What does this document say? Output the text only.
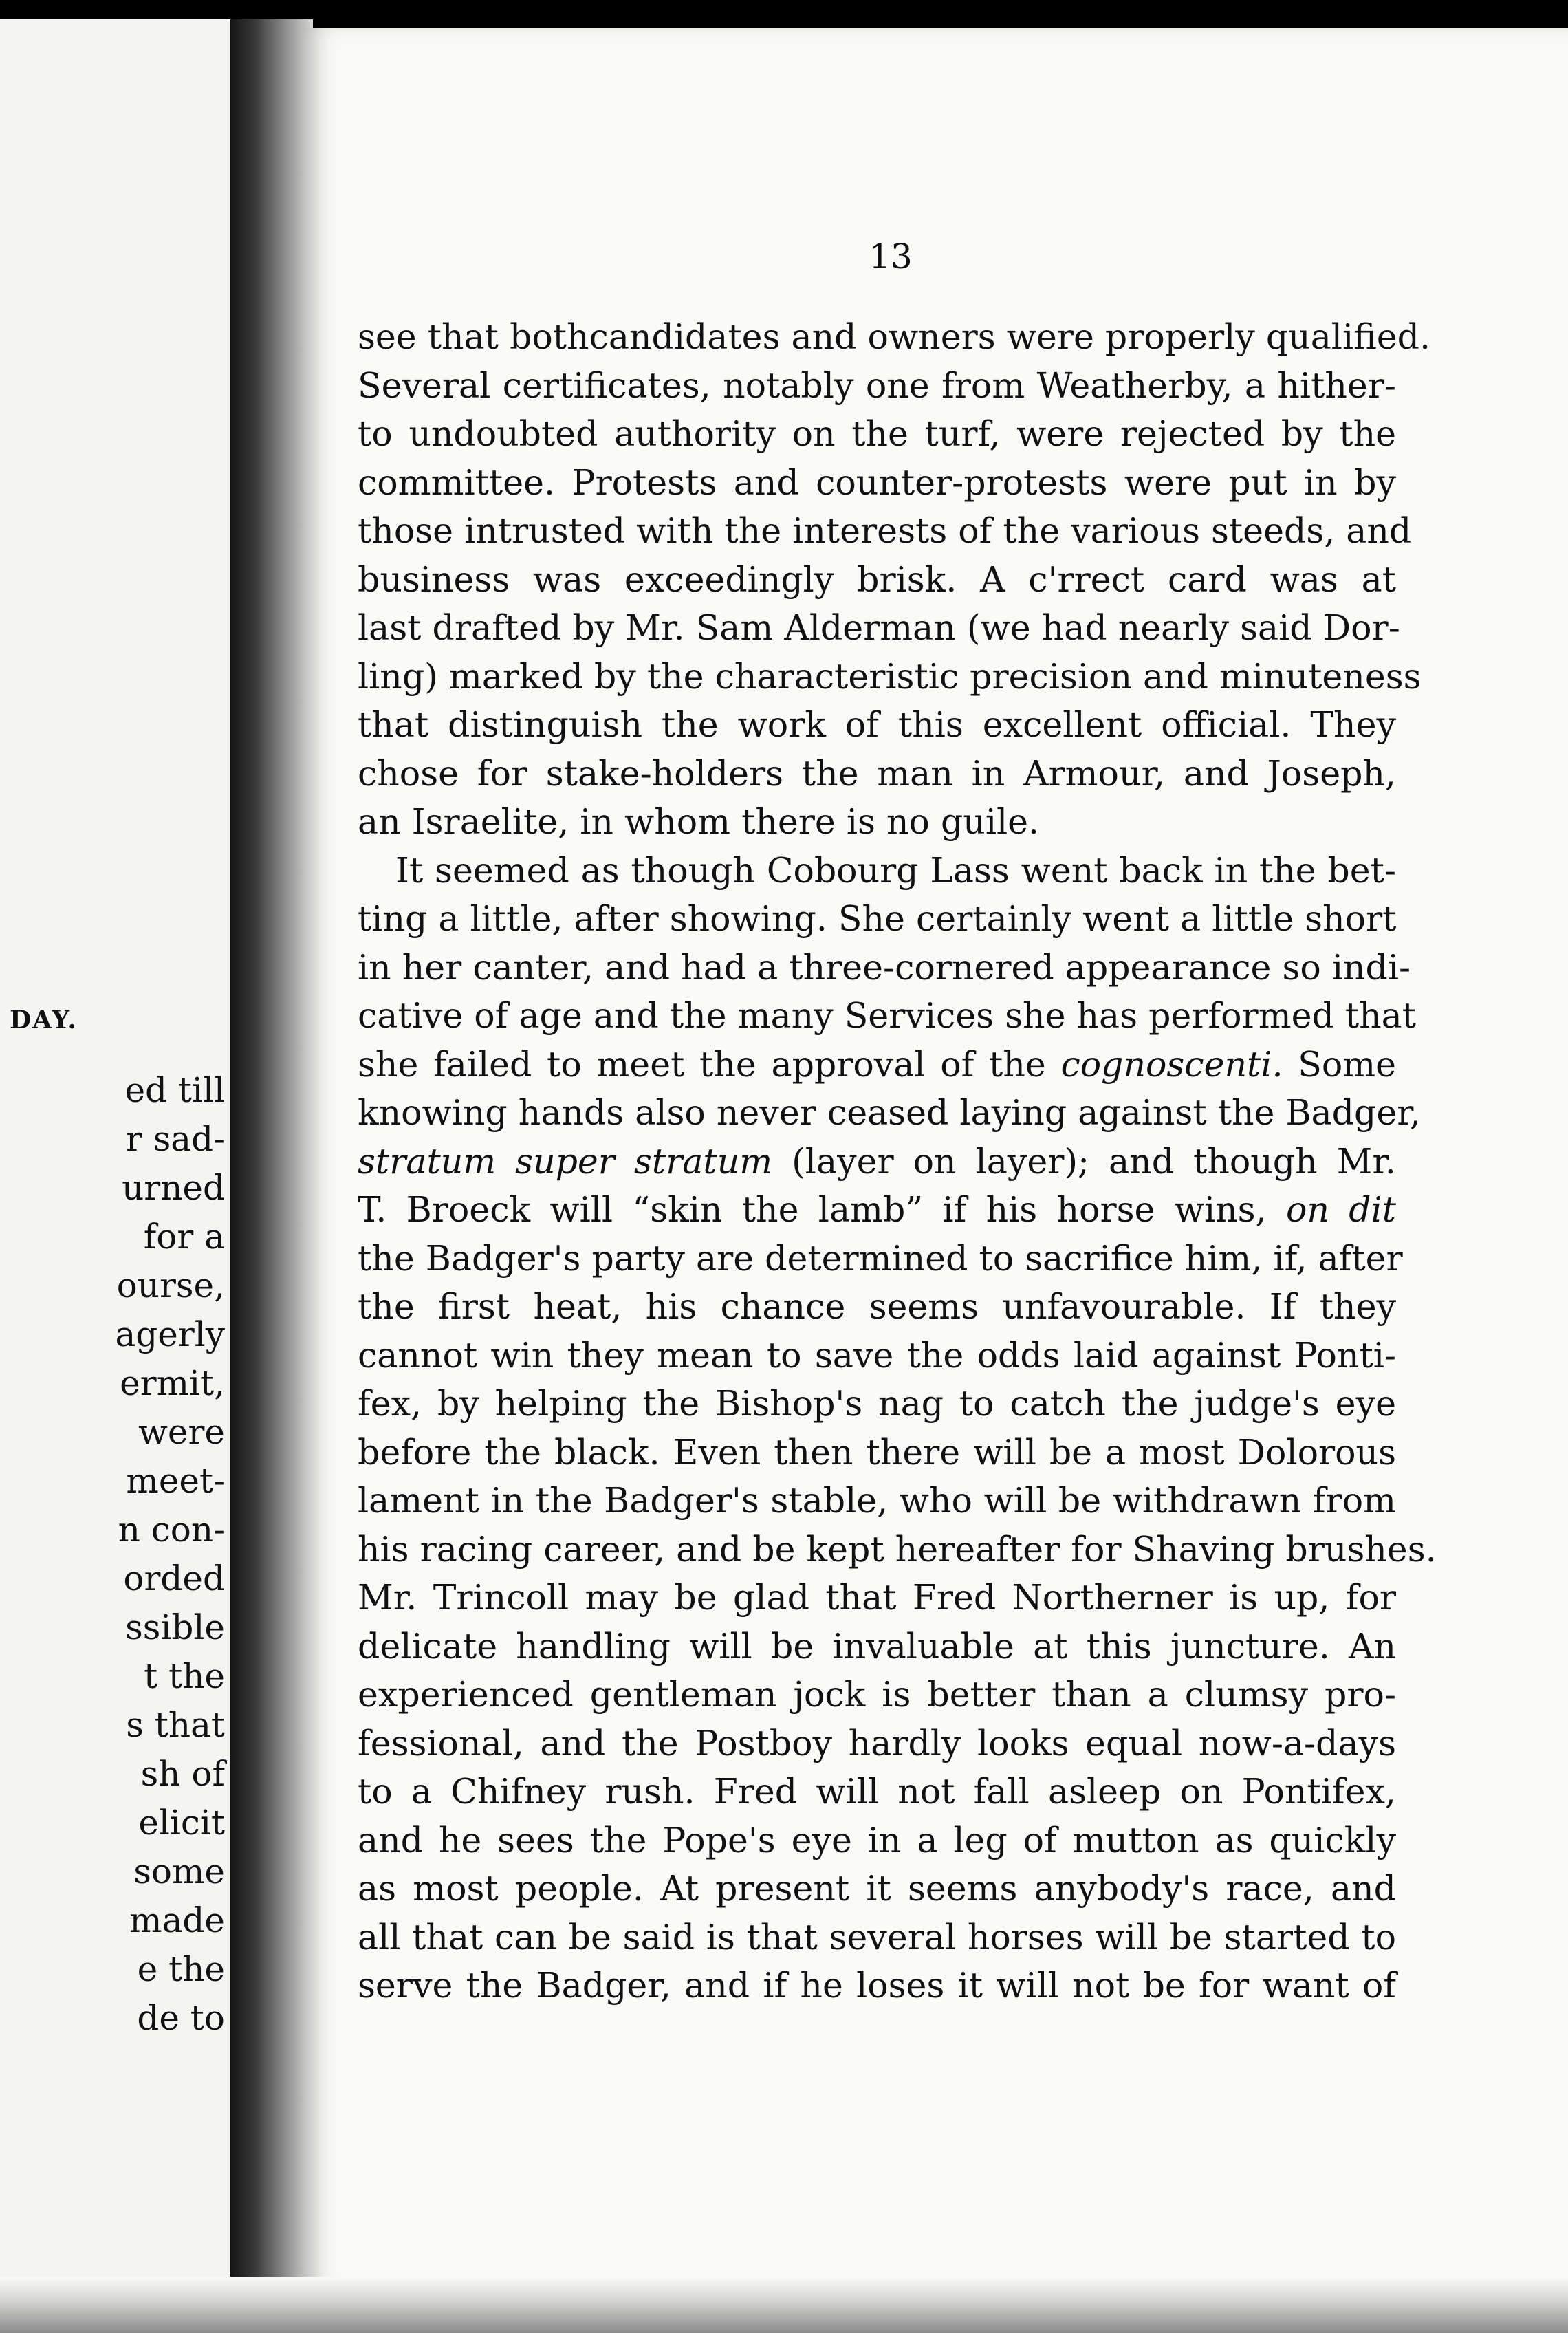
DAY.
ed till
r sad-
urned
for a
ourse,
agerly
ermit,
were
meet-
n con-
orded
ssible
t the
s that
sh of
elicit
some
made
e the
de to
13

see that bothcandidates and owners were properly qualified.
Several certificates, notably one from Weatherby, a hither-
to undoubted authority on the turf, were rejected by the
committee. Protests and counter-protests were put in by
those intrusted with the interests of the various steeds, and
business was exceedingly brisk. A c'rrect card was at
last drafted by Mr. Sam Alderman (we had nearly said Dor-
ling) marked by the characteristic precision and minuteness
that distinguish the work of this excellent official. They
chose for stake-holders the man in Armour, and Joseph,
an Israelite, in whom there is no guile.

It seemed as though Cobourg Lass went back in the bet-
ting a little, after showing. She certainly went a little short
in her canter, and had a three-cornered appearance so indi-
cative of age and the many Services she has performed that
she failed to meet the approval of the cognoscenti. Some
knowing hands also never ceased laying against the Badger,
stratum super stratum (layer on layer); and though Mr.
T. Broeck will “skin the lamb” if his horse wins, on dit
the Badger's party are determined to sacrifice him, if, after
the first heat, his chance seems unfavourable. If they
cannot win they mean to save the odds laid against Ponti-
fex, by helping the Bishop's nag to catch the judge's eye
before the black. Even then there will be a most Dolorous
lament in the Badger's stable, who will be withdrawn from
his racing career, and be kept hereafter for Shaving brushes.
Mr. Trincoll may be glad that Fred Northerner is up, for
delicate handling will be invaluable at this juncture. An
experienced gentleman jock is better than a clumsy pro-
fessional, and the Postboy hardly looks equal now-a-days
to a Chifney rush. Fred will not fall asleep on Pontifex,
and he sees the Pope's eye in a leg of mutton as quickly
as most people. At present it seems anybody's race, and
all that can be said is that several horses will be started to
serve the Badger, and if he loses it will not be for want of
